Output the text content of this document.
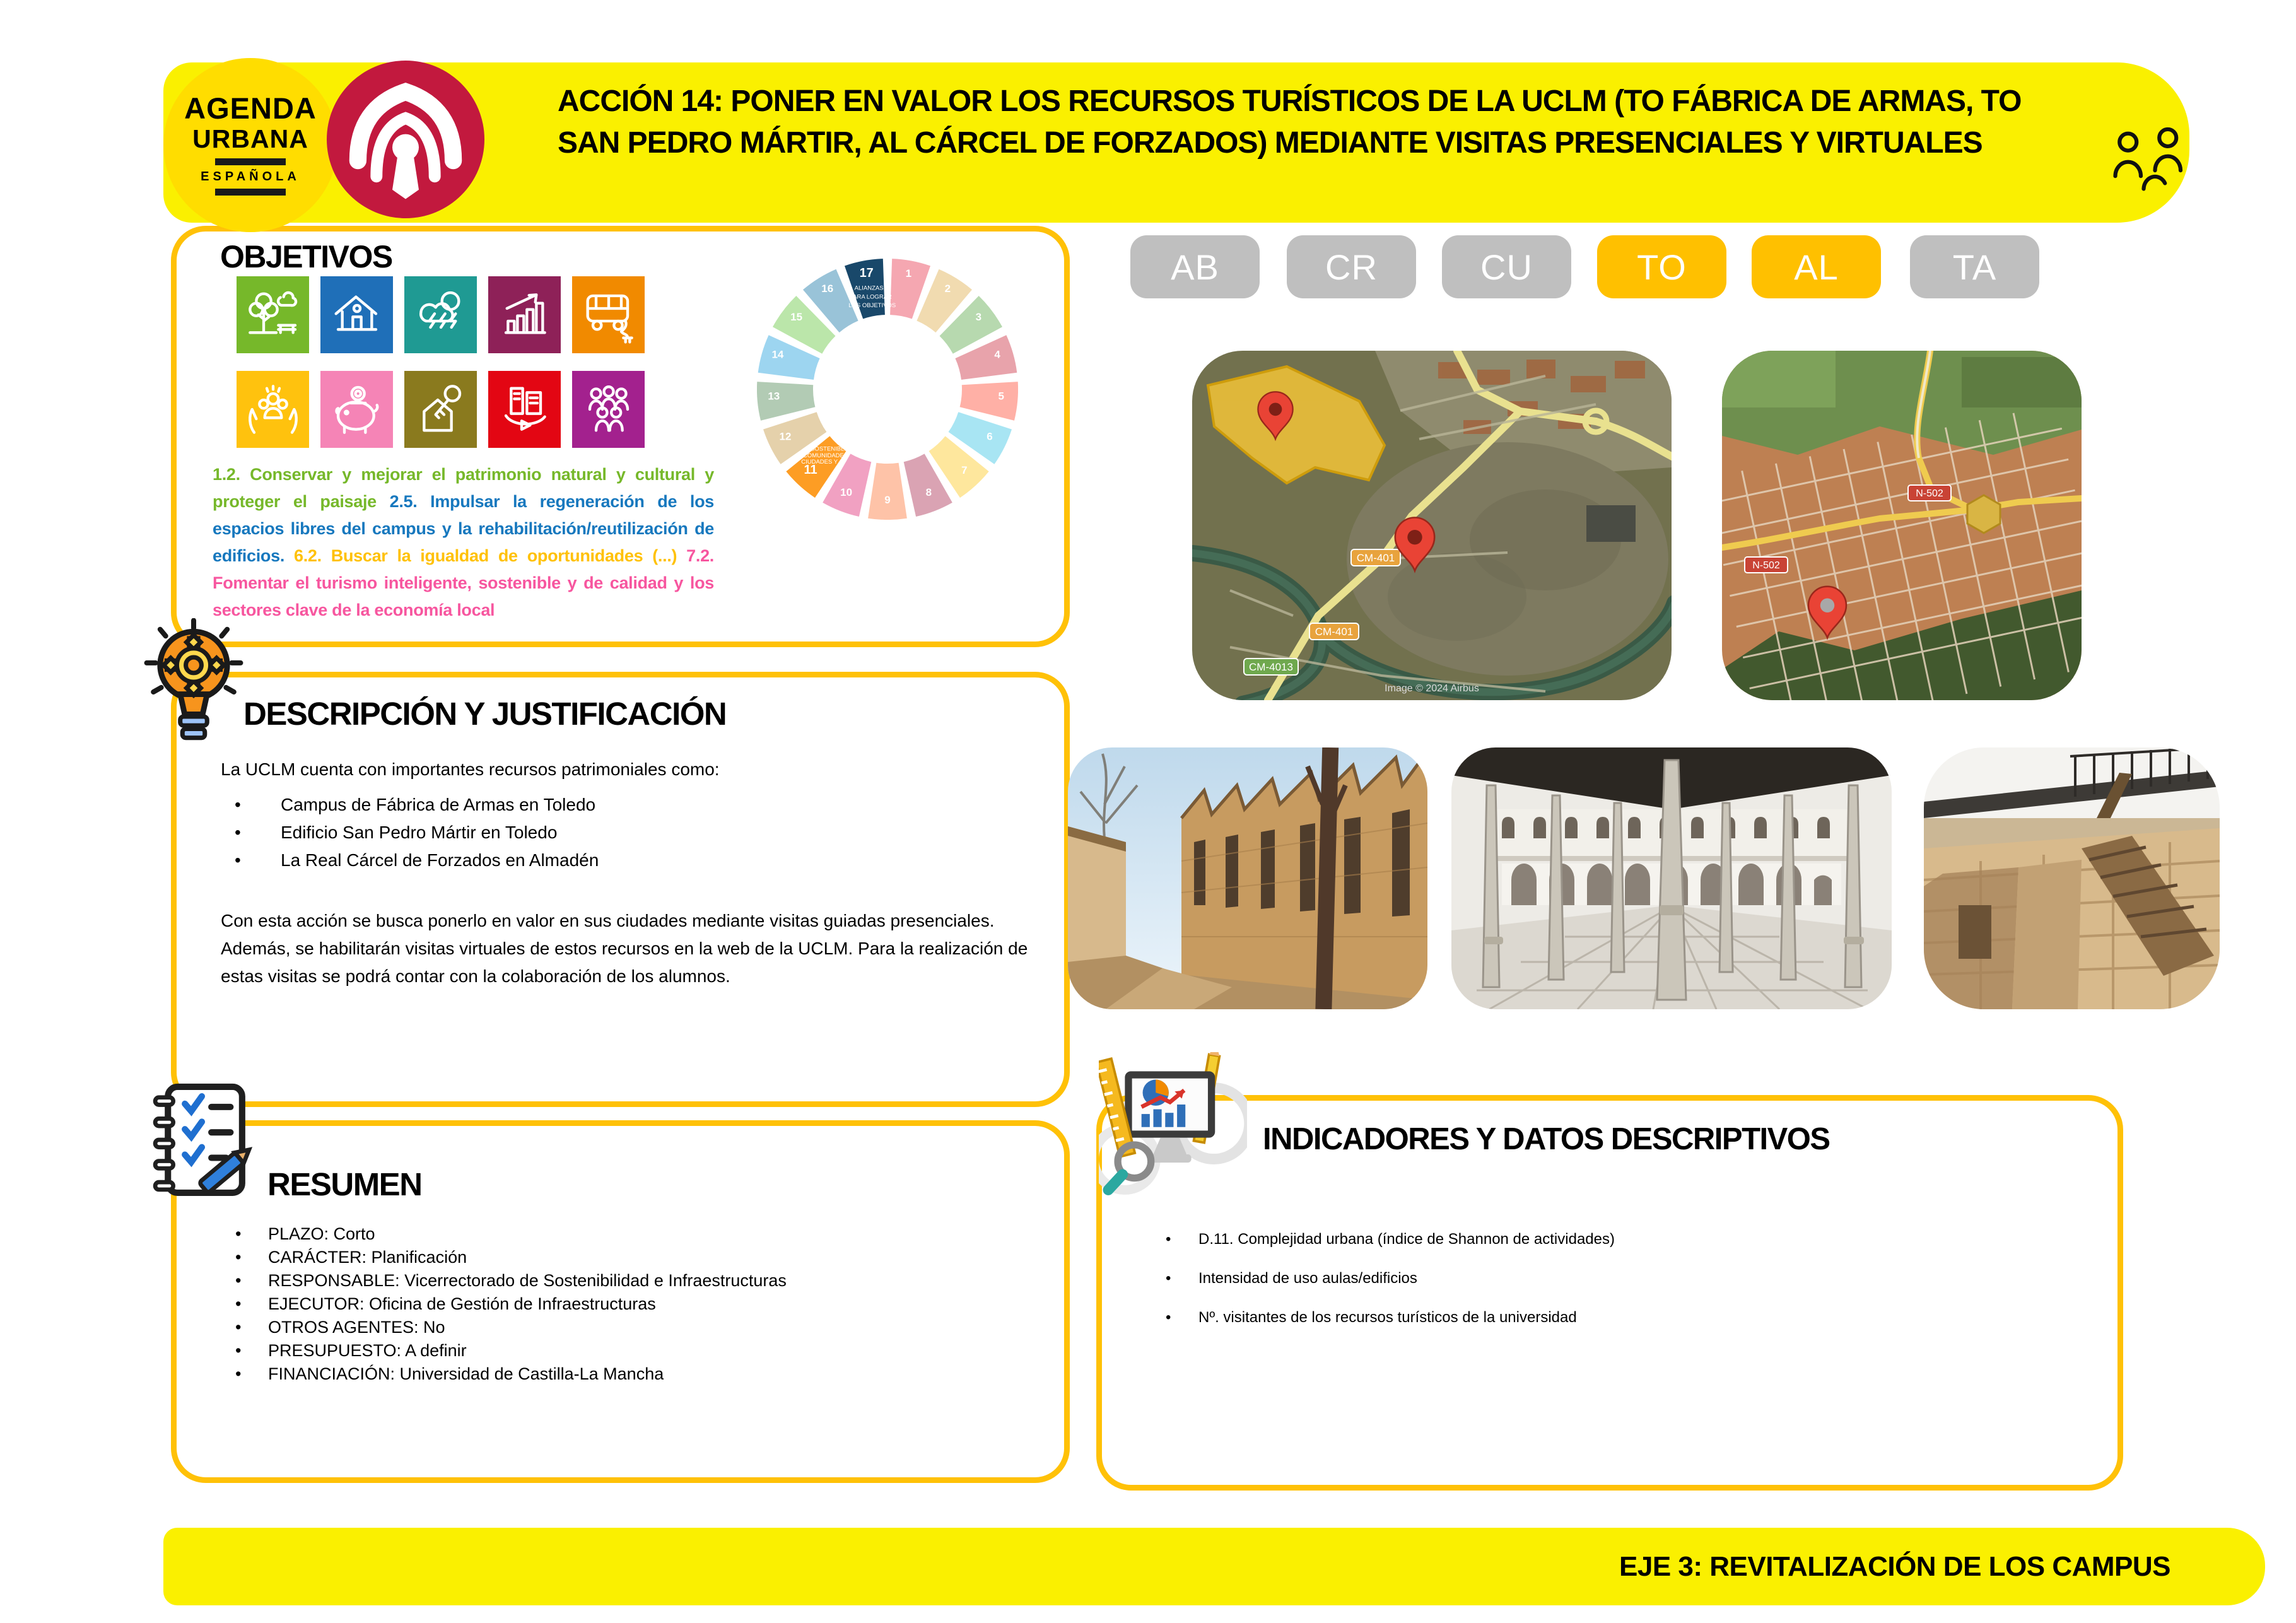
AGENDA
URBANA
ESPAÑOLA
ACCIÓN 14: PONER EN VALOR LOS RECURSOS TURÍSTICOS DE LA UCLM (TO FÁBRICA DE ARMAS, TO
SAN PEDRO MÁRTIR, AL CÁRCEL DE FORZADOS) MEDIANTE VISITAS PRESENCIALES Y VIRTUALES
OBJETIVOS
1.2. Conservar y mejorar el patrimonio natural y cultural y proteger el paisaje 2.5. Impulsar la regeneración de los espacios libres del campus y la rehabilitación/reutilización de edificios. 6.2. Buscar la igualdad de oportunidades (...) 7.2. Fomentar el turismo inteligente, sostenible y de calidad y los sectores clave de la economía local
1
2
3
4
5
6
7
8
9
10
11
CIUDADES Y
COMUNIDADES
SOSTENIBLES
12
13
14
15
16
17
ALIANZAS
PARA LOGRAR
LOS OBJETIVOS
AB	CR	CU	TO	AL	TA
CM-401
CM-401
CM-4013
Image © 2024 Airbus
N-502
N-502
DESCRIPCIÓN Y JUSTIFICACIÓN
La UCLM cuenta con importantes recursos patrimoniales como:
• Campus de Fábrica de Armas en Toledo
• Edificio San Pedro Mártir en Toledo
• La Real Cárcel de Forzados en Almadén
Con esta acción se busca ponerlo en valor en sus ciudades mediante visitas guiadas presenciales. Además, se habilitarán visitas virtuales de estos recursos en la web de la UCLM. Para la realización de estas visitas se podrá contar con la colaboración de los alumnos.
RESUMEN
• PLAZO: Corto
• CARÁCTER: Planificación
• RESPONSABLE: Vicerrectorado de Sostenibilidad e Infraestructuras
• EJECUTOR: Oficina de Gestión de Infraestructuras
• OTROS AGENTES: No
• PRESUPUESTO: A definir
• FINANCIACIÓN: Universidad de Castilla-La Mancha
INDICADORES Y DATOS DESCRIPTIVOS
• D.11. Complejidad urbana (índice de Shannon de actividades)
• Intensidad de uso aulas/edificios
• Nº. visitantes de los recursos turísticos de la universidad
EJE 3: REVITALIZACIÓN DE LOS CAMPUS
